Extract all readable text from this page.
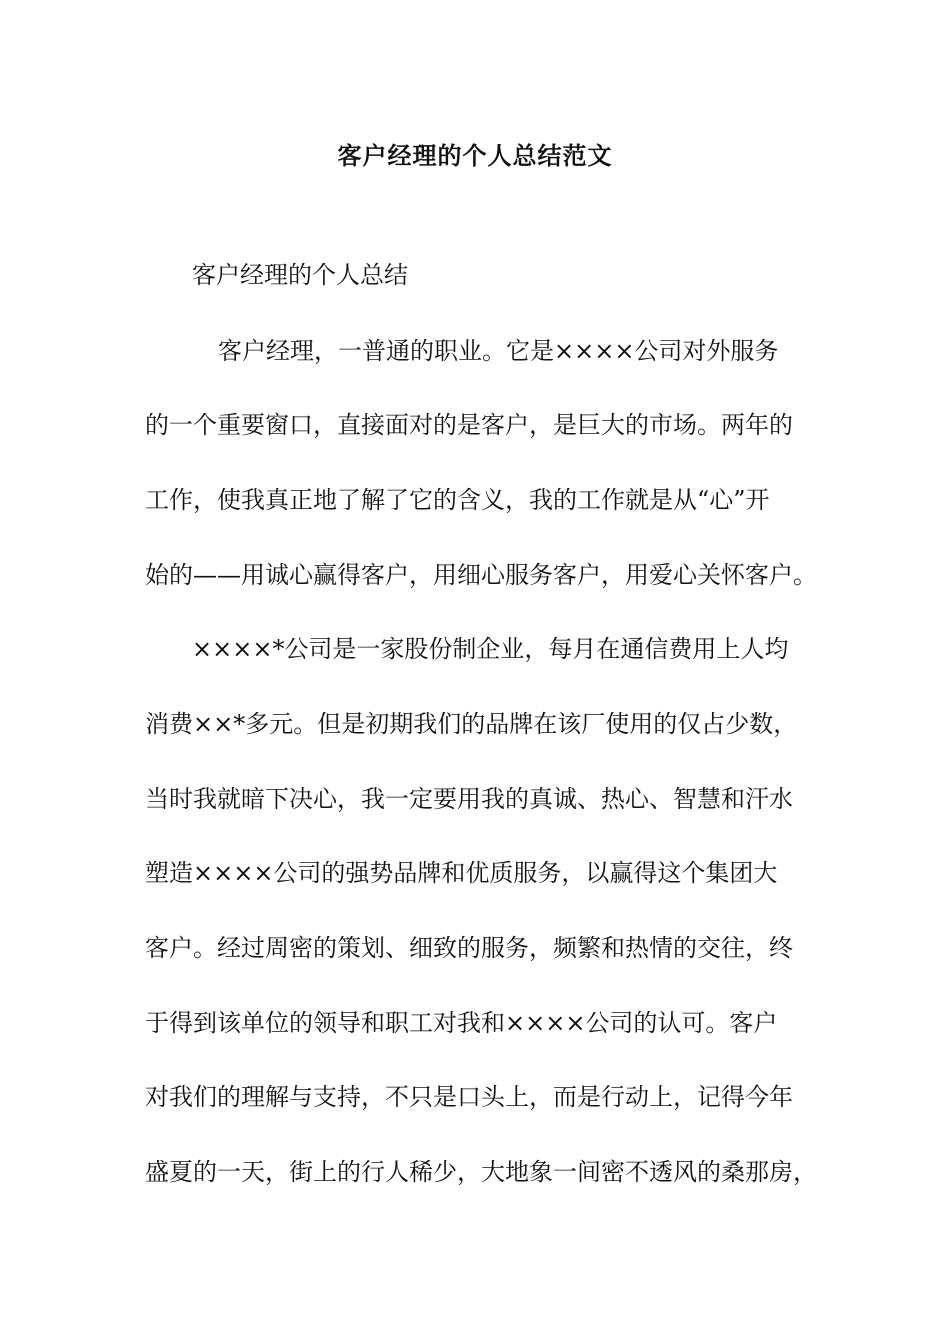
客户经理的个人总结范文

客户经理的个人总结

客户经理，一普通的职业。它是××××公司对外服务

的一个重要窗口，直接面对的是客户，是巨大的市场。两年的

工作，使我真正地了解了它的含义，我的工作就是从“心”开

始的——用诚心赢得客户，用细心服务客户，用爱心关怀客户。

××××*公司是一家股份制企业，每月在通信费用上人均

消费××*多元。但是初期我们的品牌在该厂使用的仅占少数，

当时我就暗下决心，我一定要用我的真诚、热心、智慧和汗水

塑造××××公司的强势品牌和优质服务，以赢得这个集团大

客户。经过周密的策划、细致的服务，频繁和热情的交往，终

于得到该单位的领导和职工对我和××××公司的认可。客户

对我们的理解与支持，不只是口头上，而是行动上，记得今年

盛夏的一天，街上的行人稀少，大地象一间密不透风的桑那房，
